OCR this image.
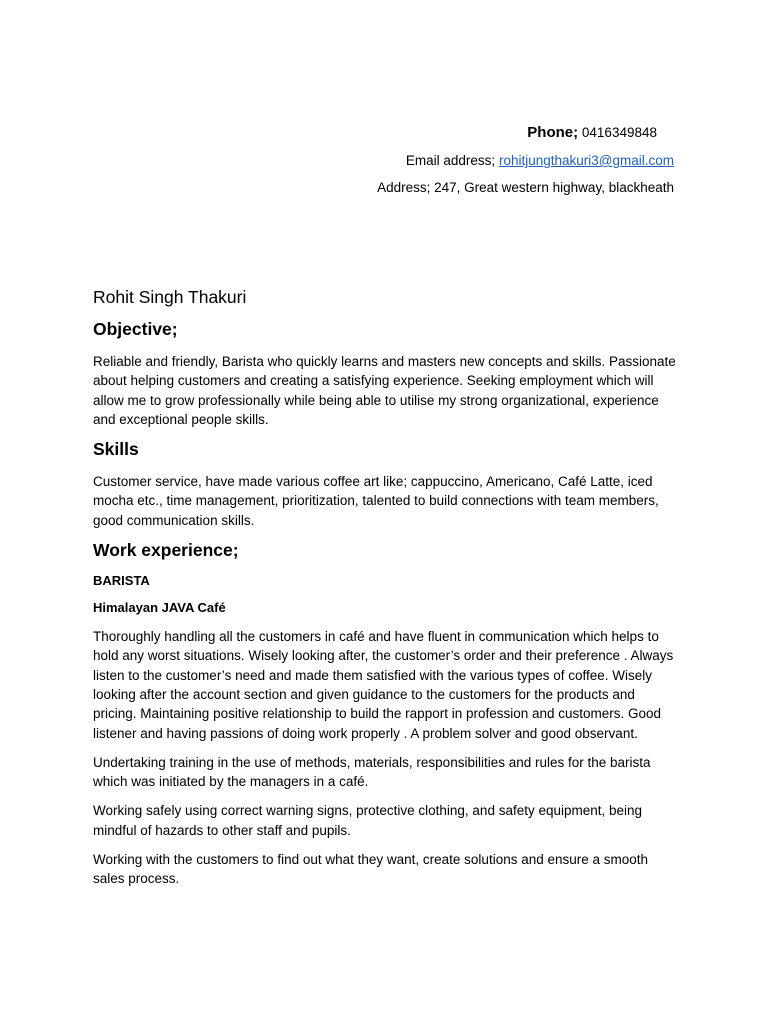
Phone; 0416349848
Email address; rohitjungthakuri3@gmail.com
Address; 247, Great western highway, blackheath
Rohit Singh Thakuri
Objective;

Reliable and friendly, Barista who quickly learns and masters new concepts and skills. Passionate about helping customers and creating a satisfying experience. Seeking employment which will allow me to grow professionally while being able to utilise my strong organizational, experience and exceptional people skills.

Skills

Customer service, have made various coffee art like; cappuccino, Americano, Café Latte, iced mocha etc., time management, prioritization, talented to build connections with team members, good communication skills.

Work experience;
BARISTA
Himalayan JAVA Café

Thoroughly handling all the customers in café and have fluent in communication which helps to hold any worst situations. Wisely looking after, the customer’s order and their preference . Always listen to the customer’s need and made them satisfied with the various types of coffee. Wisely looking after the account section and given guidance to the customers for the products and pricing. Maintaining positive relationship to build the rapport in profession and customers. Good listener and having passions of doing work properly . A problem solver and good observant.

Undertaking training in the use of methods, materials, responsibilities and rules for the barista which was initiated by the managers in a café.

Working safely using correct warning signs, protective clothing, and safety equipment, being mindful of hazards to other staff and pupils.

Working with the customers to find out what they want, create solutions and ensure a smooth sales process.
